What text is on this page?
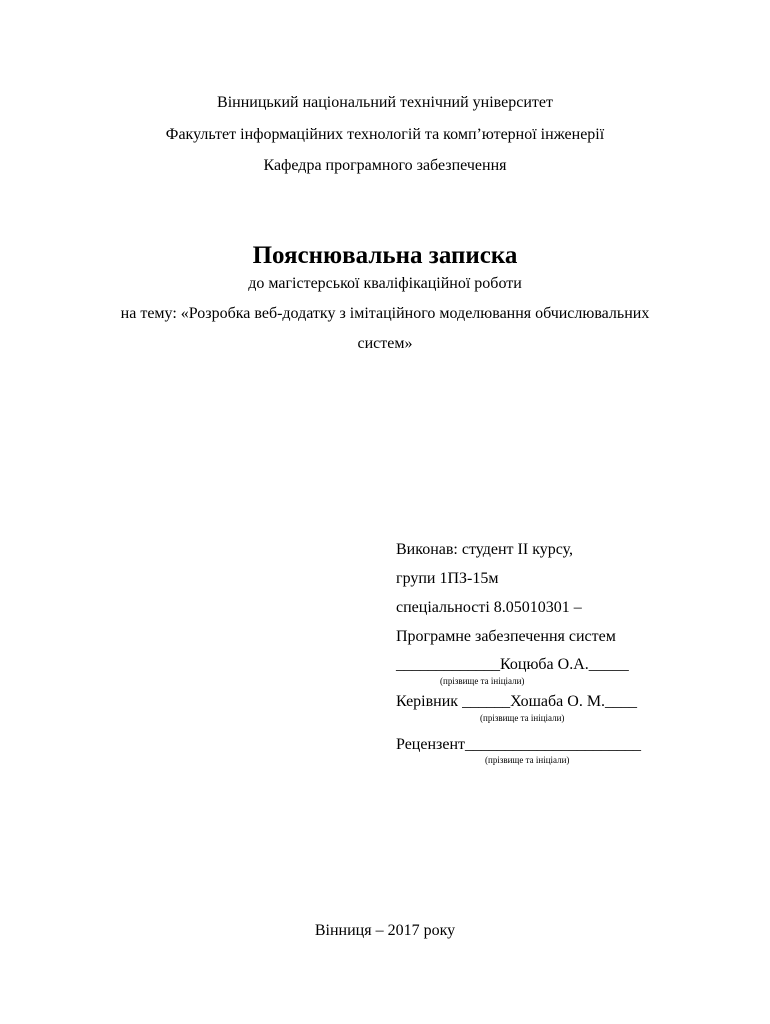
Вінницький національний технічний університет
Факультет інформаційних технологій та комп’ютерної інженерії
Кафедра програмного забезпечення
Пояснювальна записка
до магістерської кваліфікаційної роботи
на тему: «Розробка веб-додатку з імітаційного моделювання обчислювальних
систем»
Виконав: студент ІІ курсу,
групи 1ПЗ-15м
спеціальності 8.05010301 –
Програмне забезпечення систем
_____________Коцюба О.А._____
(прізвище та ініціали)
Керівник ______Хошаба О. М.____
(прізвище та ініціали)
Рецензент______________________
(прізвище та ініціали)
Вінниця – 2017 року
